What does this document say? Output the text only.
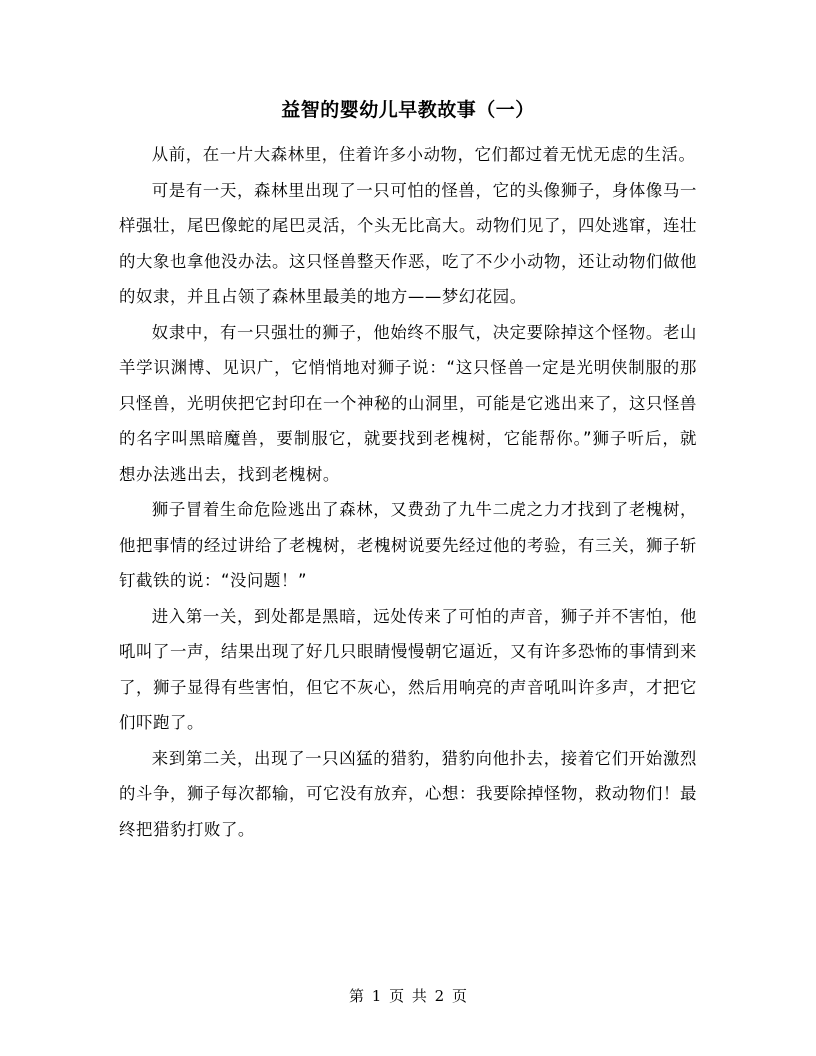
益智的婴幼儿早教故事（一）

从前，在一片大森林里，住着许多小动物，它们都过着无忧无虑的生活。

可是有一天，森林里出现了一只可怕的怪兽，它的头像狮子，身体像马一样强壮，尾巴像蛇的尾巴灵活，个头无比高大。动物们见了，四处逃窜，连壮的大象也拿他没办法。这只怪兽整天作恶，吃了不少小动物，还让动物们做他的奴隶，并且占领了森林里最美的地方——梦幻花园。

奴隶中，有一只强壮的狮子，他始终不服气，决定要除掉这个怪物。老山羊学识渊博、见识广，它悄悄地对狮子说：“这只怪兽一定是光明侠制服的那只怪兽，光明侠把它封印在一个神秘的山洞里，可能是它逃出来了，这只怪兽的名字叫黑暗魔兽，要制服它，就要找到老槐树，它能帮你。”狮子听后，就想办法逃出去，找到老槐树。

狮子冒着生命危险逃出了森林，又费劲了九牛二虎之力才找到了老槐树，他把事情的经过讲给了老槐树，老槐树说要先经过他的考验，有三关，狮子斩钉截铁的说：“没问题！”

进入第一关，到处都是黑暗，远处传来了可怕的声音，狮子并不害怕，他吼叫了一声，结果出现了好几只眼睛慢慢朝它逼近，又有许多恐怖的事情到来了，狮子显得有些害怕，但它不灰心，然后用响亮的声音吼叫许多声，才把它们吓跑了。

来到第二关，出现了一只凶猛的猎豹，猎豹向他扑去，接着它们开始激烈的斗争，狮子每次都输，可它没有放弃，心想：我要除掉怪物，救动物们！最终把猎豹打败了。

第 1 页 共 2 页
